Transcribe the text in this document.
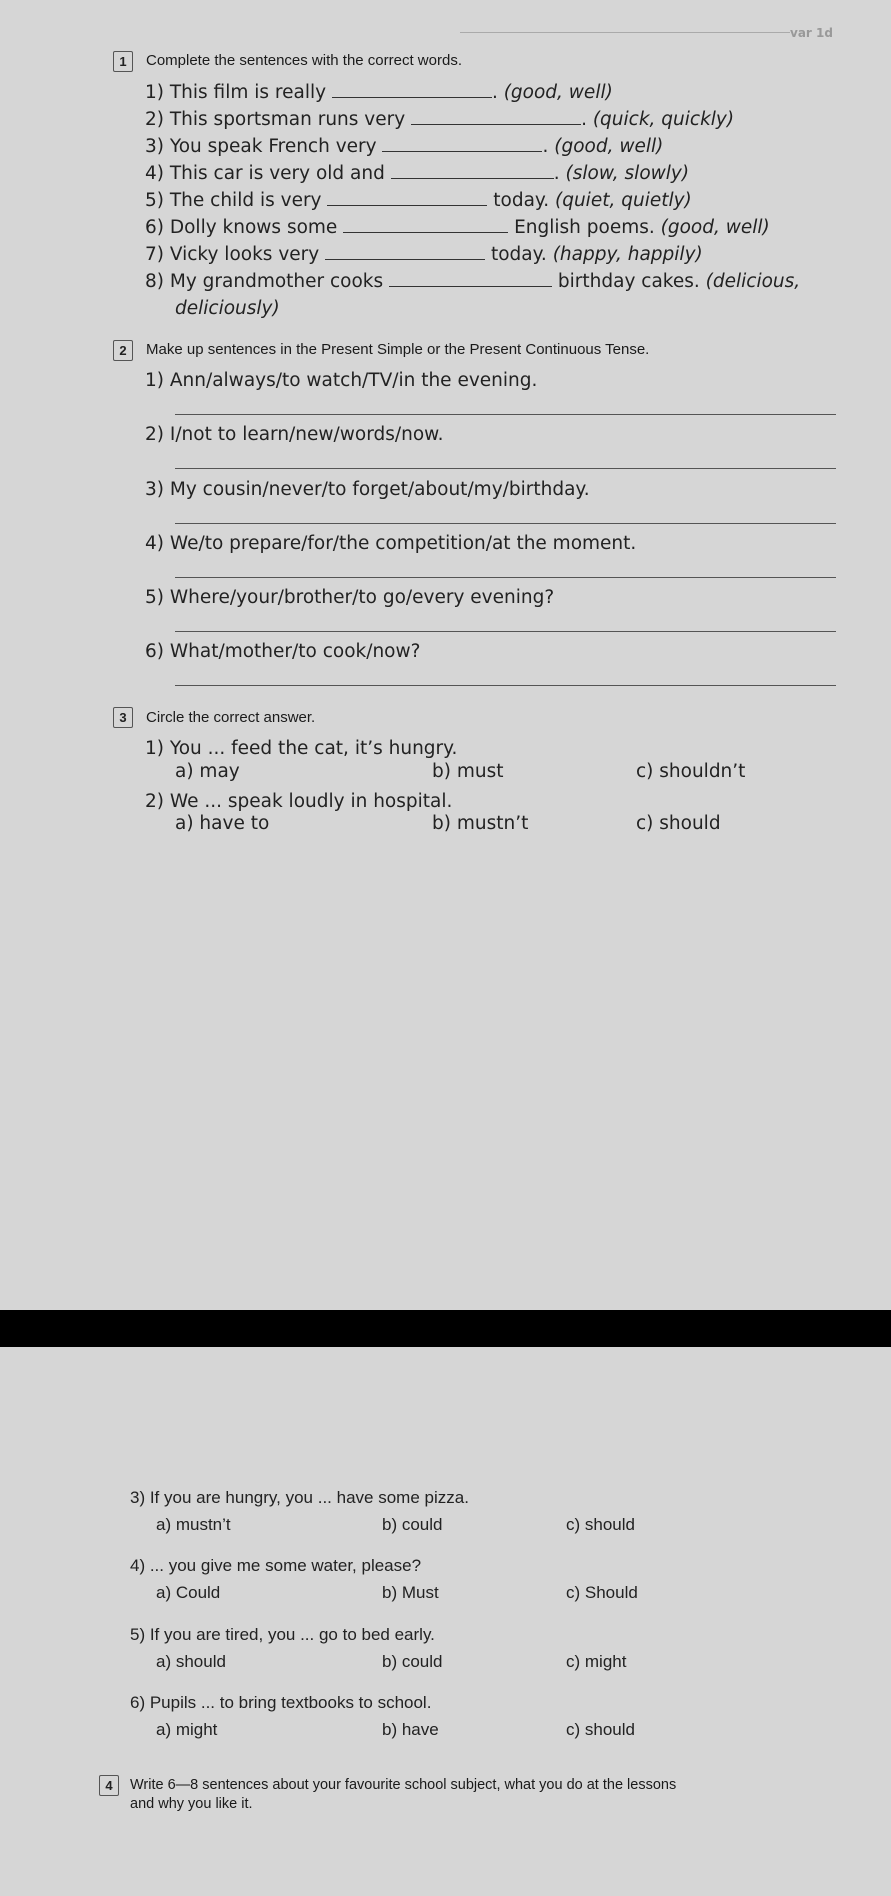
var 1d
1	Complete the sentences with the correct words.
1) This film is really	. (good, well)
2) This sportsman runs very	. (quick, quickly)
3) You speak French very	. (good, well)
4) This car is very old and	. (slow, slowly)
5) The child is very	today. (quiet, quietly)
6) Dolly knows some	English poems. (good, well)
7) Vicky looks very	today. (happy, happily)
8) My grandmother cooks	birthday cakes. (delicious,
deliciously)
2	Make up sentences in the Present Simple or the Present Continuous Tense.
1) Ann/always/to watch/TV/in the evening.
2) I/not to learn/new/words/now.
3) My cousin/never/to forget/about/my/birthday.
4) We/to prepare/for/the competition/at the moment.
5) Where/your/brother/to go/every evening?
6) What/mother/to cook/now?
3	Circle the correct answer.
1) You ... feed the cat, it’s hungry.
a) may	b) must	c) shouldn’t
2) We ... speak loudly in hospital.
a) have to	b) mustn’t	c) should
3) If you are hungry, you ... have some pizza.
a) mustn’t	b) could	c) should
4) ... you give me some water, please?
a) Could	b) Must	c) Should
5) If you are tired, you ... go to bed early.
a) should	b) could	c) might
6) Pupils ... to bring textbooks to school.
a) might	b) have	c) should
4	Write 6—8 sentences about your favourite school subject, what you do at the lessons
and why you like it.
